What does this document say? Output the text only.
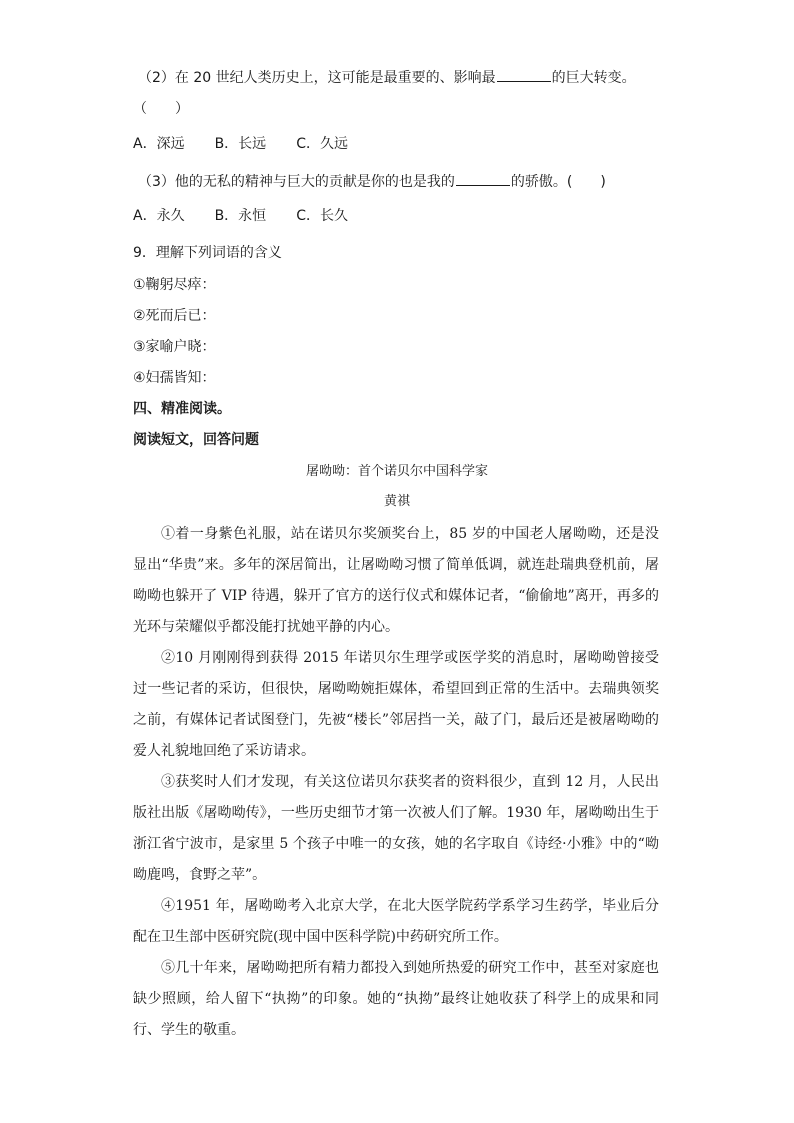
（2）在 20 世纪人类历史上，这可能是最重要的、影响最	的巨大转变。
（　　）
A．深远 B．长远 C．久远
（3）他的无私的精神与巨大的贡献是你的也是我的	的骄傲。(　　)
A．永久 B．永恒 C．长久
9．理解下列词语的含义
①鞠躬尽瘁：
②死而后已：
③家喻户晓：
④妇孺皆知：
四、精准阅读。
阅读短文，回答问题
屠呦呦：首个诺贝尔中国科学家
黄祺
①着一身紫色礼服，站在诺贝尔奖颁奖台上，85 岁的中国老人屠呦呦，还是没显出“华贵”来。多年的深居简出，让屠呦呦习惯了简单低调，就连赴瑞典登机前，屠呦呦也躲开了 VIP 待遇，躲开了官方的送行仪式和媒体记者，“偷偷地”离开，再多的光环与荣耀似乎都没能打扰她平静的内心。
②10 月刚刚得到获得 2015 年诺贝尔生理学或医学奖的消息时，屠呦呦曾接受过一些记者的采访，但很快，屠呦呦婉拒媒体，希望回到正常的生活中。去瑞典领奖之前，有媒体记者试图登门，先被“楼长”邻居挡一关，敲了门，最后还是被屠呦呦的爱人礼貌地回绝了采访请求。
③获奖时人们才发现，有关这位诺贝尔获奖者的资料很少，直到 12 月，人民出版社出版《屠呦呦传》，一些历史细节才第一次被人们了解。1930 年，屠呦呦出生于浙江省宁波市，是家里 5 个孩子中唯一的女孩，她的名字取自《诗经·小雅》中的“呦呦鹿鸣，食野之苹”。
④1951 年，屠呦呦考入北京大学，在北大医学院药学系学习生药学，毕业后分配在卫生部中医研究院(现中国中医科学院)中药研究所工作。
⑤几十年来，屠呦呦把所有精力都投入到她所热爱的研究工作中，甚至对家庭也缺少照顾，给人留下“执拗”的印象。她的“执拗”最终让她收获了科学上的成果和同行、学生的敬重。
